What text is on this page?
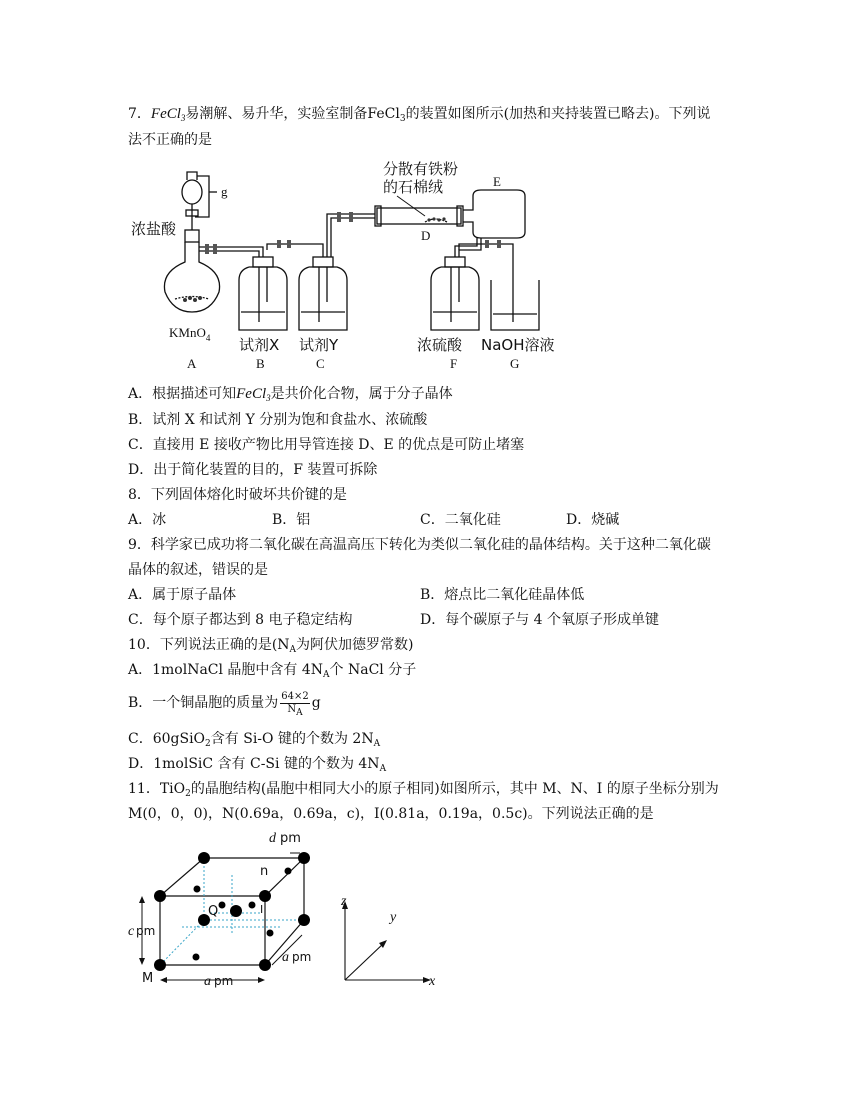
7．FeCl$_3$易潮解、易升华，实验室制备FeCl$_3$的装置如图所示(加热和夹持装置已略去)。下列说
法不正确的是
g
浓盐酸
KMnO$_4$ 试剂X 试剂Y
分散有铁粉
的石棉绒
D
E
浓硫酸 NaOH溶液
A	B	C	F	G
A．根据描述可知FeCl$_3$是共价化合物，属于分子晶体
B．试剂 X 和试剂 Y 分别为饱和食盐水、浓硫酸
C．直接用 E 接收产物比用导管连接 D、E 的优点是可防止堵塞
D．出于简化装置的目的，F 装置可拆除
8．下列固体熔化时破坏共价键的是
A．冰	B．铝	C．二氧化硅	D．烧碱
9．科学家已成功将二氧化碳在高温高压下转化为类似二氧化硅的晶体结构。关于这种二氧化碳
晶体的叙述，错误的是
A．属于原子晶体	B．熔点比二氧化硅晶体低
C．每个原子都达到 8 电子稳定结构	D．每个碳原子与 4 个氧原子形成单键
10．下列说法正确的是($N_A$为阿伏加德罗常数)
A．1molNaCl 晶胞中含有 $4N_A$个 NaCl 分子
B．一个铜晶胞的质量为 $\frac{64\times 2}{N_A}$ g
C．60gSiO$_2$含有 Si-O 键的个数为 $2N_A$
D．1molSiC 含有 C-Si 键的个数为 $4N_A$
11．TiO$_2$的晶胞结构(晶胞中相同大小的原子相同)如图所示，其中 M、N、I 的原子坐标分别为
M(0，0，0)，N(0.69a，0.69a，c)，I(0.81a，0.19a，0.5c)。下列说法正确的是
d pm
n
Q	I
c pm
M	a pm
a pm
z
y
x
